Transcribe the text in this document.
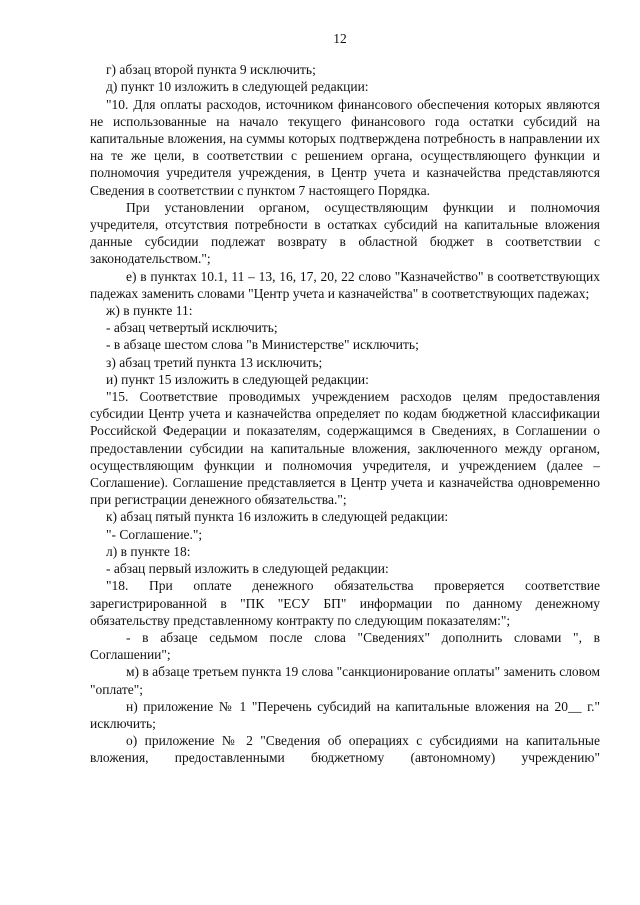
12

г) абзац второй пункта 9 исключить;

д) пункт 10 изложить в следующей редакции:

"10. Для оплаты расходов, источником финансового обеспечения которых являются не использованные на начало текущего финансового года остатки субсидий на капитальные вложения, на суммы которых подтверждена потребность в направлении их на те же цели, в соответствии с решением органа, осуществляющего функции и полномочия учредителя учреждения, в Центр учета и казначейства представляются Сведения в соответствии с пунктом 7 настоящего Порядка.

При установлении органом, осуществляющим функции и полномочия учредителя, отсутствия потребности в остатках субсидий на капитальные вложения данные субсидии подлежат возврату в областной бюджет в соответствии с законодательством.";

е) в пунктах 10.1, 11 – 13, 16, 17, 20, 22 слово "Казначейство" в соответствующих падежах заменить словами "Центр учета и казначейства" в соответствующих падежах;

ж) в пункте 11:

- абзац четвертый исключить;

- в абзаце шестом слова "в Министерстве" исключить;

з) абзац третий пункта 13 исключить;

и) пункт 15 изложить в следующей редакции:

"15. Соответствие проводимых учреждением расходов целям предоставления субсидии Центр учета и казначейства определяет по кодам бюджетной классификации Российской Федерации и показателям, содержащимся в Сведениях, в Соглашении о предоставлении субсидии на капитальные вложения, заключенного между органом, осуществляющим функции и полномочия учредителя, и учреждением (далее – Соглашение). Соглашение представляется в Центр учета и казначейства одновременно при регистрации денежного обязательства.";

к) абзац пятый пункта 16 изложить в следующей редакции:

"- Соглашение.";

л) в пункте 18:

- абзац первый изложить в следующей редакции:

"18. При оплате денежного обязательства проверяется соответствие зарегистрированной в "ПК "ЕСУ БП" информации по данному денежному обязательству представленному контракту по следующим показателям:";

- в абзаце седьмом после слова "Сведениях" дополнить словами ", в Соглашении";

м) в абзаце третьем пункта 19 слова "санкционирование оплаты" заменить словом "оплате";

н) приложение № 1 "Перечень субсидий на капитальные вложения на 20__ г." исключить;

о) приложение № 2 "Сведения об операциях с субсидиями на капитальные вложения, предоставленными бюджетному (автономному) учреждению"
